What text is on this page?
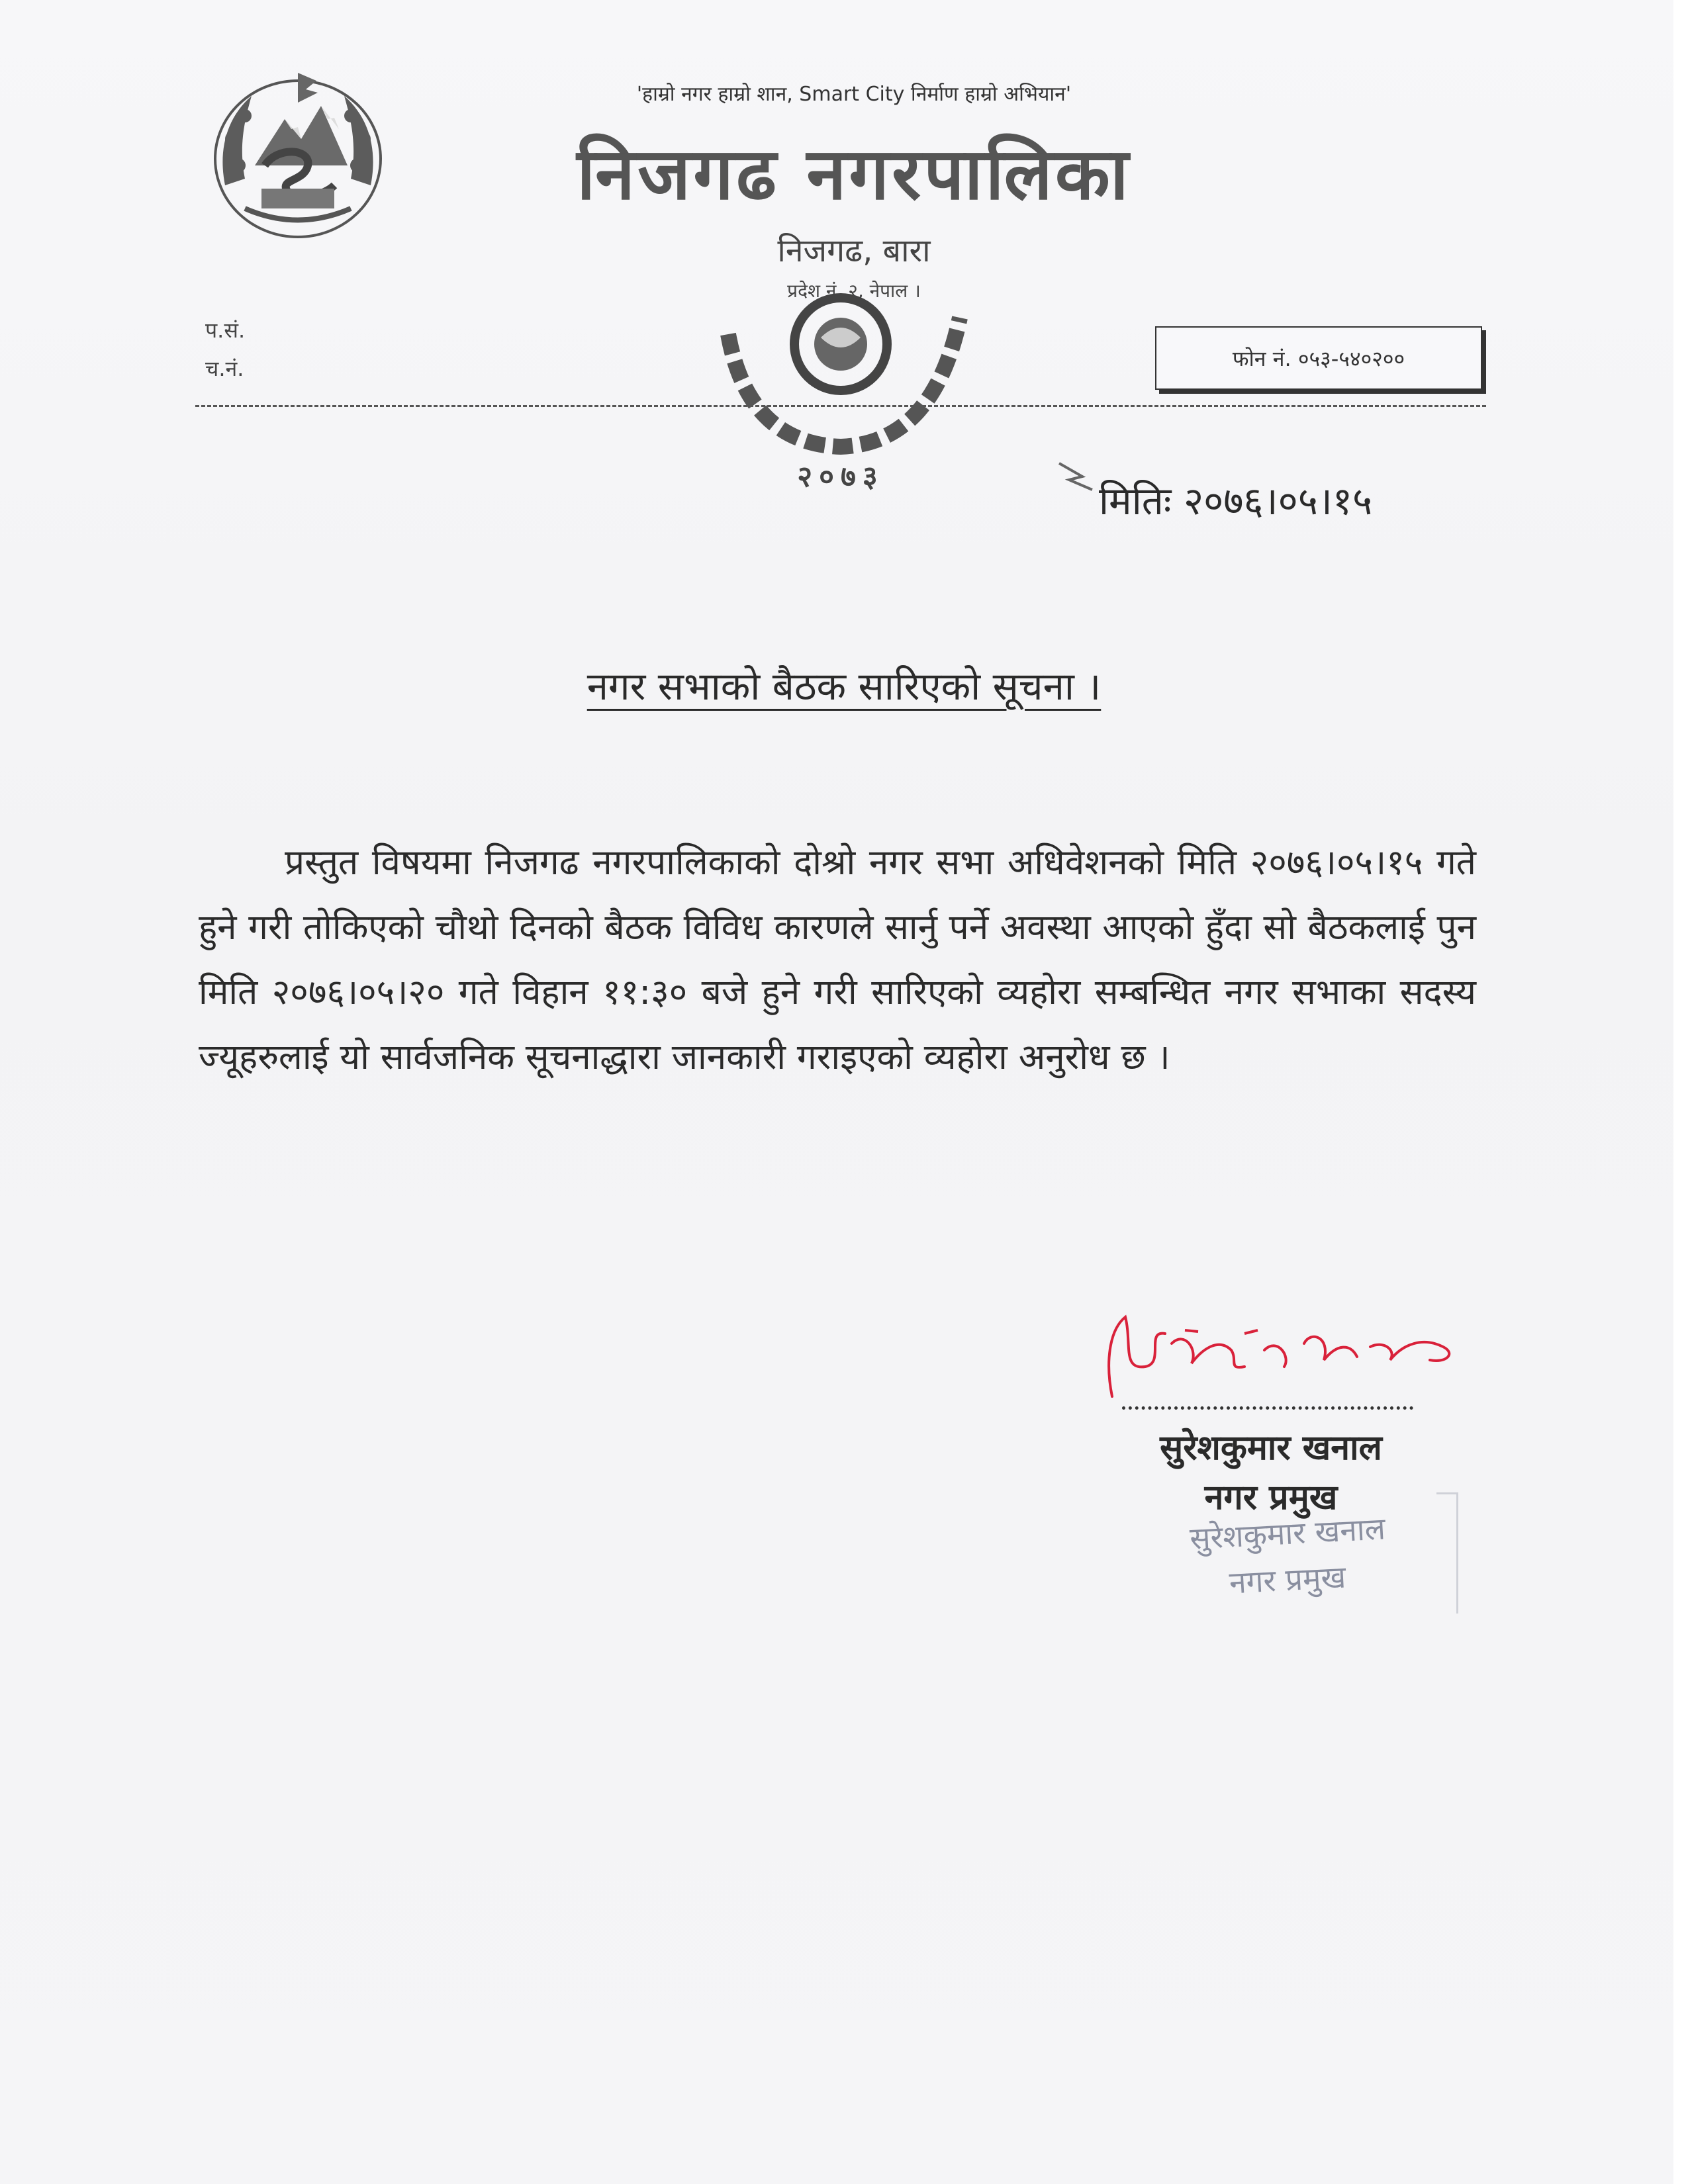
'हाम्रो नगर हाम्रो शान, Smart City निर्माण हाम्रो अभियान'
निजगढ नगरपालिका
निजगढ, बारा
प्रदेश नं. २, नेपाल ।
प.सं.
च.नं.	फोन नं. ०५३-५४०२००
२०७३
मितिः २०७६।०५।१५
नगर सभाको बैठक सारिएको सूचना ।
प्रस्तुत विषयमा निजगढ नगरपालिकाको दोश्रो नगर सभा अधिवेशनको मिति २०७६।०५।१५ गते हुने गरी तोकिएको चौथो दिनको बैठक विविध कारणले सार्नु पर्ने अवस्था आएको हुँदा सो बैठकलाई पुन मिति २०७६।०५।२० गते विहान ११:३० बजे हुने गरी सारिएको व्यहोरा सम्बन्धित नगर सभाका सदस्य ज्यूहरुलाई यो सार्वजनिक सूचनाद्धारा जानकारी गराइएको व्यहोरा अनुरोध छ ।
सुरेशकुमार खनाल
नगर प्रमुख
सुरेशकुमार खनाल
नगर प्रमुख
